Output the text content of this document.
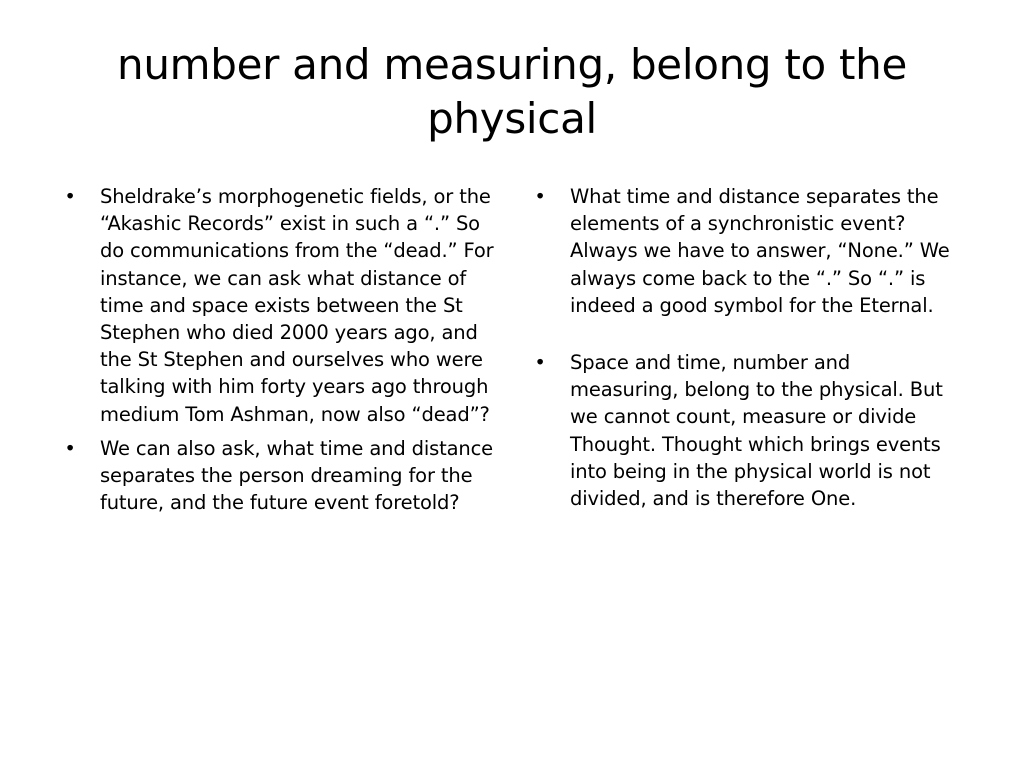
number and measuring, belong to the physical
• Sheldrake’s morphogenetic fields, or the “Akashic Records” exist in such a “.” So do communications from the “dead.” For instance, we can ask what distance of time and space exists between the St Stephen who died 2000 years ago, and the St Stephen and ourselves who were talking with him forty years ago through medium Tom Ashman, now also “dead”?
• We can also ask, what time and distance separates the person dreaming for the future, and the future event foretold?
• What time and distance separates the elements of a synchronistic event? Always we have to answer, “None.” We always come back to the “.” So “.” is indeed a good symbol for the Eternal.
• Space and time, number and measuring, belong to the physical. But we cannot count, measure or divide Thought. Thought which brings events into being in the physical world is not divided, and is therefore One.
